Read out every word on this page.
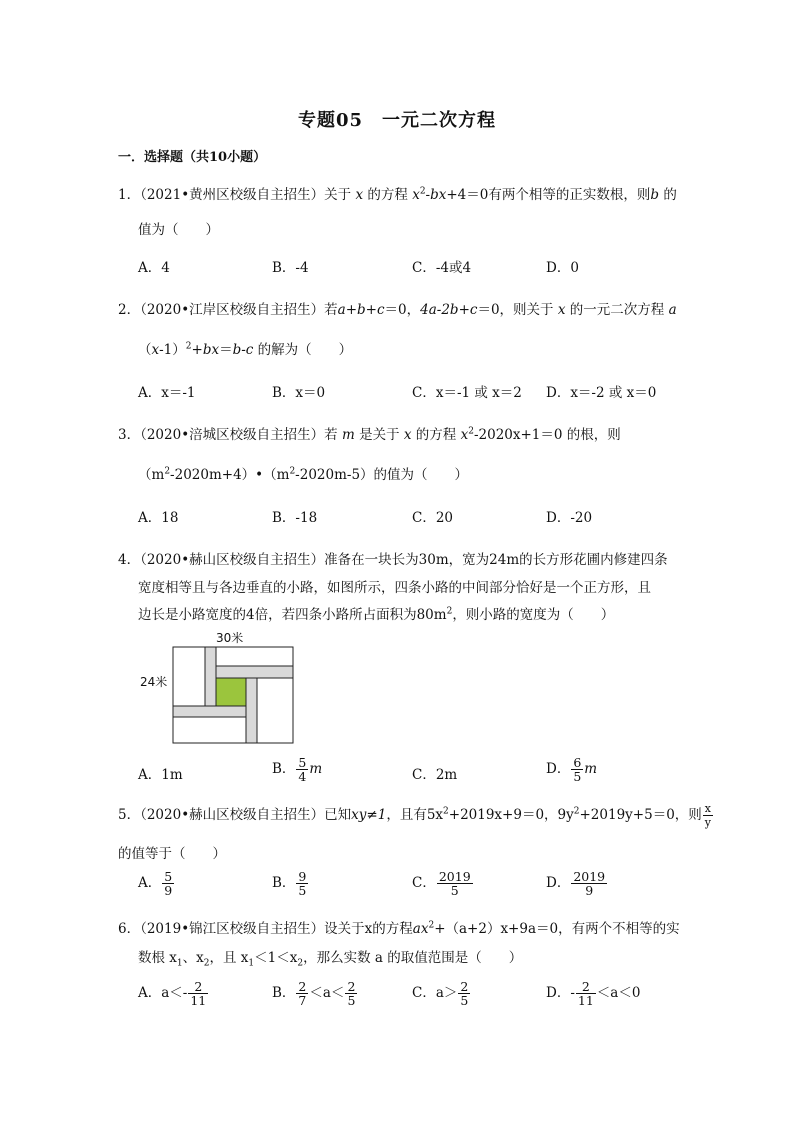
专题05　一元二次方程
一．选择题（共10小题）
1．（2021•黄州区校级自主招生）关于 x 的方程 $x^2-bx+4=0$有两个相等的正实数根，则b 的
值为（　　）
A．4	B．-4	C．-4或4	D．0
2．（2020•江岸区校级自主招生）若a+b+c＝0，4a-2b+c＝0，则关于 x 的一元二次方程 a
$(x-1)^2+bx=b-c$ 的解为（　　）
A．x＝-1	B．x＝0	C．x＝-1 或 x＝2 D．x＝-2 或 x＝0
3．（2020•涪城区校级自主招生）若 m 是关于 x 的方程 $x^2-2020x+1=0$ 的根，则
$(m^2-2020m+4)•(m^2-2020m-5)$的值为（　　）
A．18	B．-18	C．20	D．-20
4．（2020•赫山区校级自主招生）准备在一块长为30m，宽为24m的长方形花圃内修建四条
宽度相等且与各边垂直的小路，如图所示，四条小路的中间部分恰好是一个正方形，且
边长是小路宽度的4倍，若四条小路所占面积为$80m^2$，则小路的宽度为（　　）
30米
24米
A．1m	B． $\frac{5}{4}$ m	C．2m	D． $\frac{6}{5}$ m
5．（2020•赫山区校级自主招生）已知xy≠1，且有$5x^2+2019x+9=0$，$9y^2+2019y+5=0$，则 $\frac{x}{y}$
的值等于（　　）
A． $\frac{5}{9}$	B． $\frac{9}{5}$	C． $\frac{2019}{5}$	D． $\frac{2019}{9}$
6．（2019•锦江区校级自主招生）设关于x的方程$ax^2+(a+2)x+9a=0$，有两个不相等的实
数根 $x_1$、$x_2$，且 $x_1<1<x_2$，那么实数 a 的取值范围是（　　）
A．$a<- \frac{2}{11}$	B． $\frac{2}{7} <a< \frac{2}{5}$	C．$a> \frac{2}{5}$	D．- $\frac{2}{11} <a<0$
